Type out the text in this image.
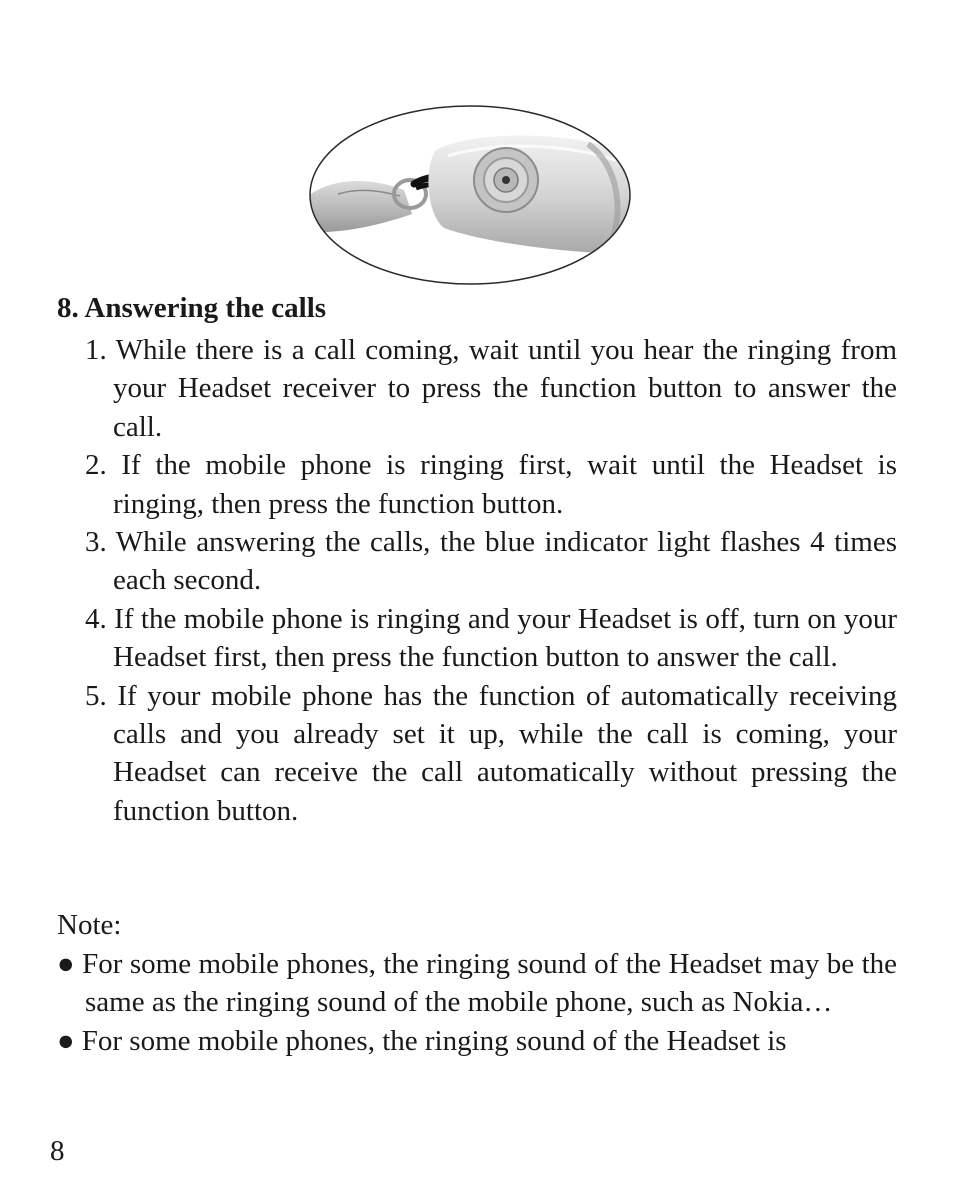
8. Answering the calls
1. While there is a call coming, wait until you hear the ringing from your Headset receiver to press the function button to answer the call.
2. If the mobile phone is ringing first, wait until the Headset is ringing, then press the function button.
3. While answering the calls, the blue indicator light flashes 4 times each second.
4. If the mobile phone is ringing and your Headset is off, turn on your Headset first, then press the function button to answer the call.
5. If your mobile phone has the function of automatically receiving calls and you already set it up, while the call is coming, your Headset can receive the call automatically without pressing the function button.

Note:

● For some mobile phones, the ringing sound of the Headset may be the same as the ringing sound of the mobile phone, such as Nokia…
● For some mobile phones, the ringing sound of the Headset is

8
